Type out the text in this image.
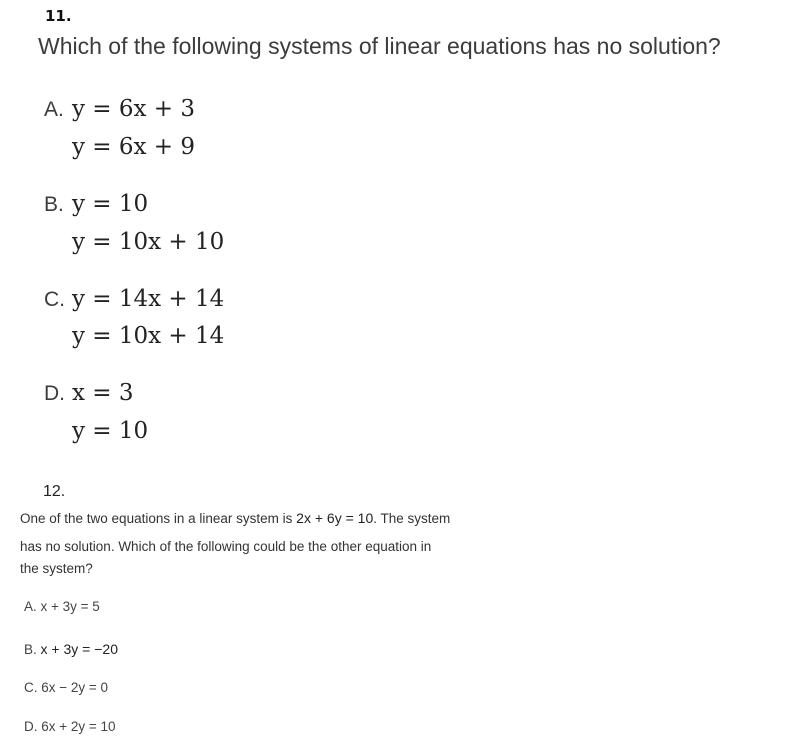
11.
Which of the following systems of linear equations has no solution?
A. y = 6x + 3
y = 6x + 9
B. y = 10
y = 10x + 10
C. y = 14x + 14
y = 10x + 14
D. x = 3
y = 10
12.
One of the two equations in a linear system is 2x + 6y = 10. The system
has no solution. Which of the following could be the other equation in
the system?
A. x + 3y = 5
B. x + 3y = −20
C. 6x − 2y = 0
D. 6x + 2y = 10
